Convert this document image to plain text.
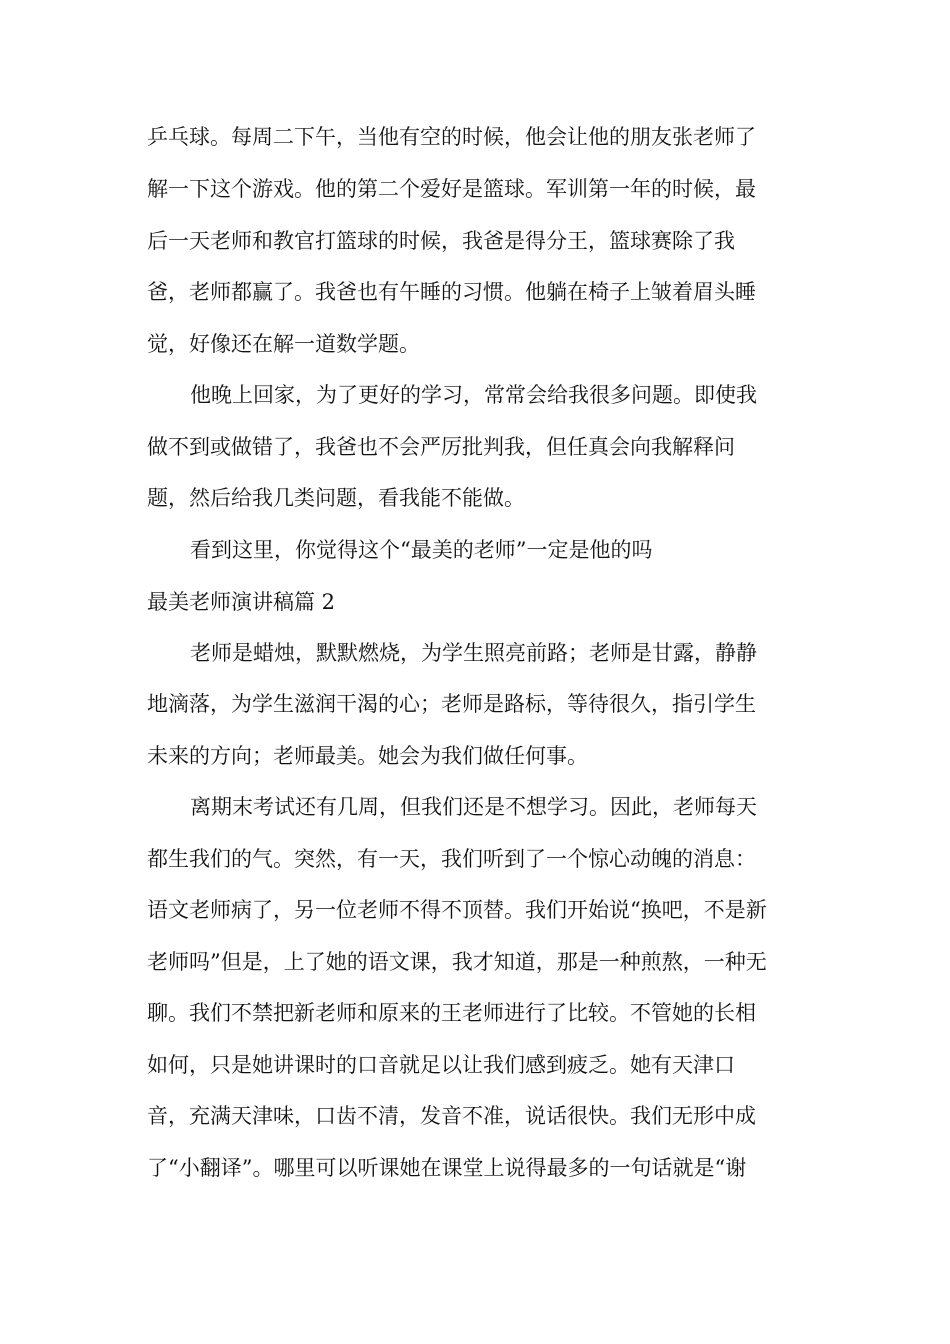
乒乓球。每周二下午，当他有空的时候，他会让他的朋友张老师了
解一下这个游戏。他的第二个爱好是篮球。军训第一年的时候，最
后一天老师和教官打篮球的时候，我爸是得分王，篮球赛除了我
爸，老师都赢了。我爸也有午睡的习惯。他躺在椅子上皱着眉头睡
觉，好像还在解一道数学题。
他晚上回家，为了更好的学习，常常会给我很多问题。即使我
做不到或做错了，我爸也不会严厉批判我，但任真会向我解释问
题，然后给我几类问题，看我能不能做。
看到这里，你觉得这个“最美的老师”一定是他的吗
最美老师演讲稿篇 2
老师是蜡烛，默默燃烧，为学生照亮前路；老师是甘露，静静
地滴落，为学生滋润干渴的心；老师是路标，等待很久，指引学生
未来的方向；老师最美。她会为我们做任何事。
离期末考试还有几周，但我们还是不想学习。因此，老师每天
都生我们的气。突然，有一天，我们听到了一个惊心动魄的消息：
语文老师病了，另一位老师不得不顶替。我们开始说“换吧，不是新
老师吗”但是，上了她的语文课，我才知道，那是一种煎熬，一种无
聊。我们不禁把新老师和原来的王老师进行了比较。不管她的长相
如何，只是她讲课时的口音就足以让我们感到疲乏。她有天津口
音，充满天津味，口齿不清，发音不准，说话很快。我们无形中成
了“小翻译”。哪里可以听课她在课堂上说得最多的一句话就是“谢
